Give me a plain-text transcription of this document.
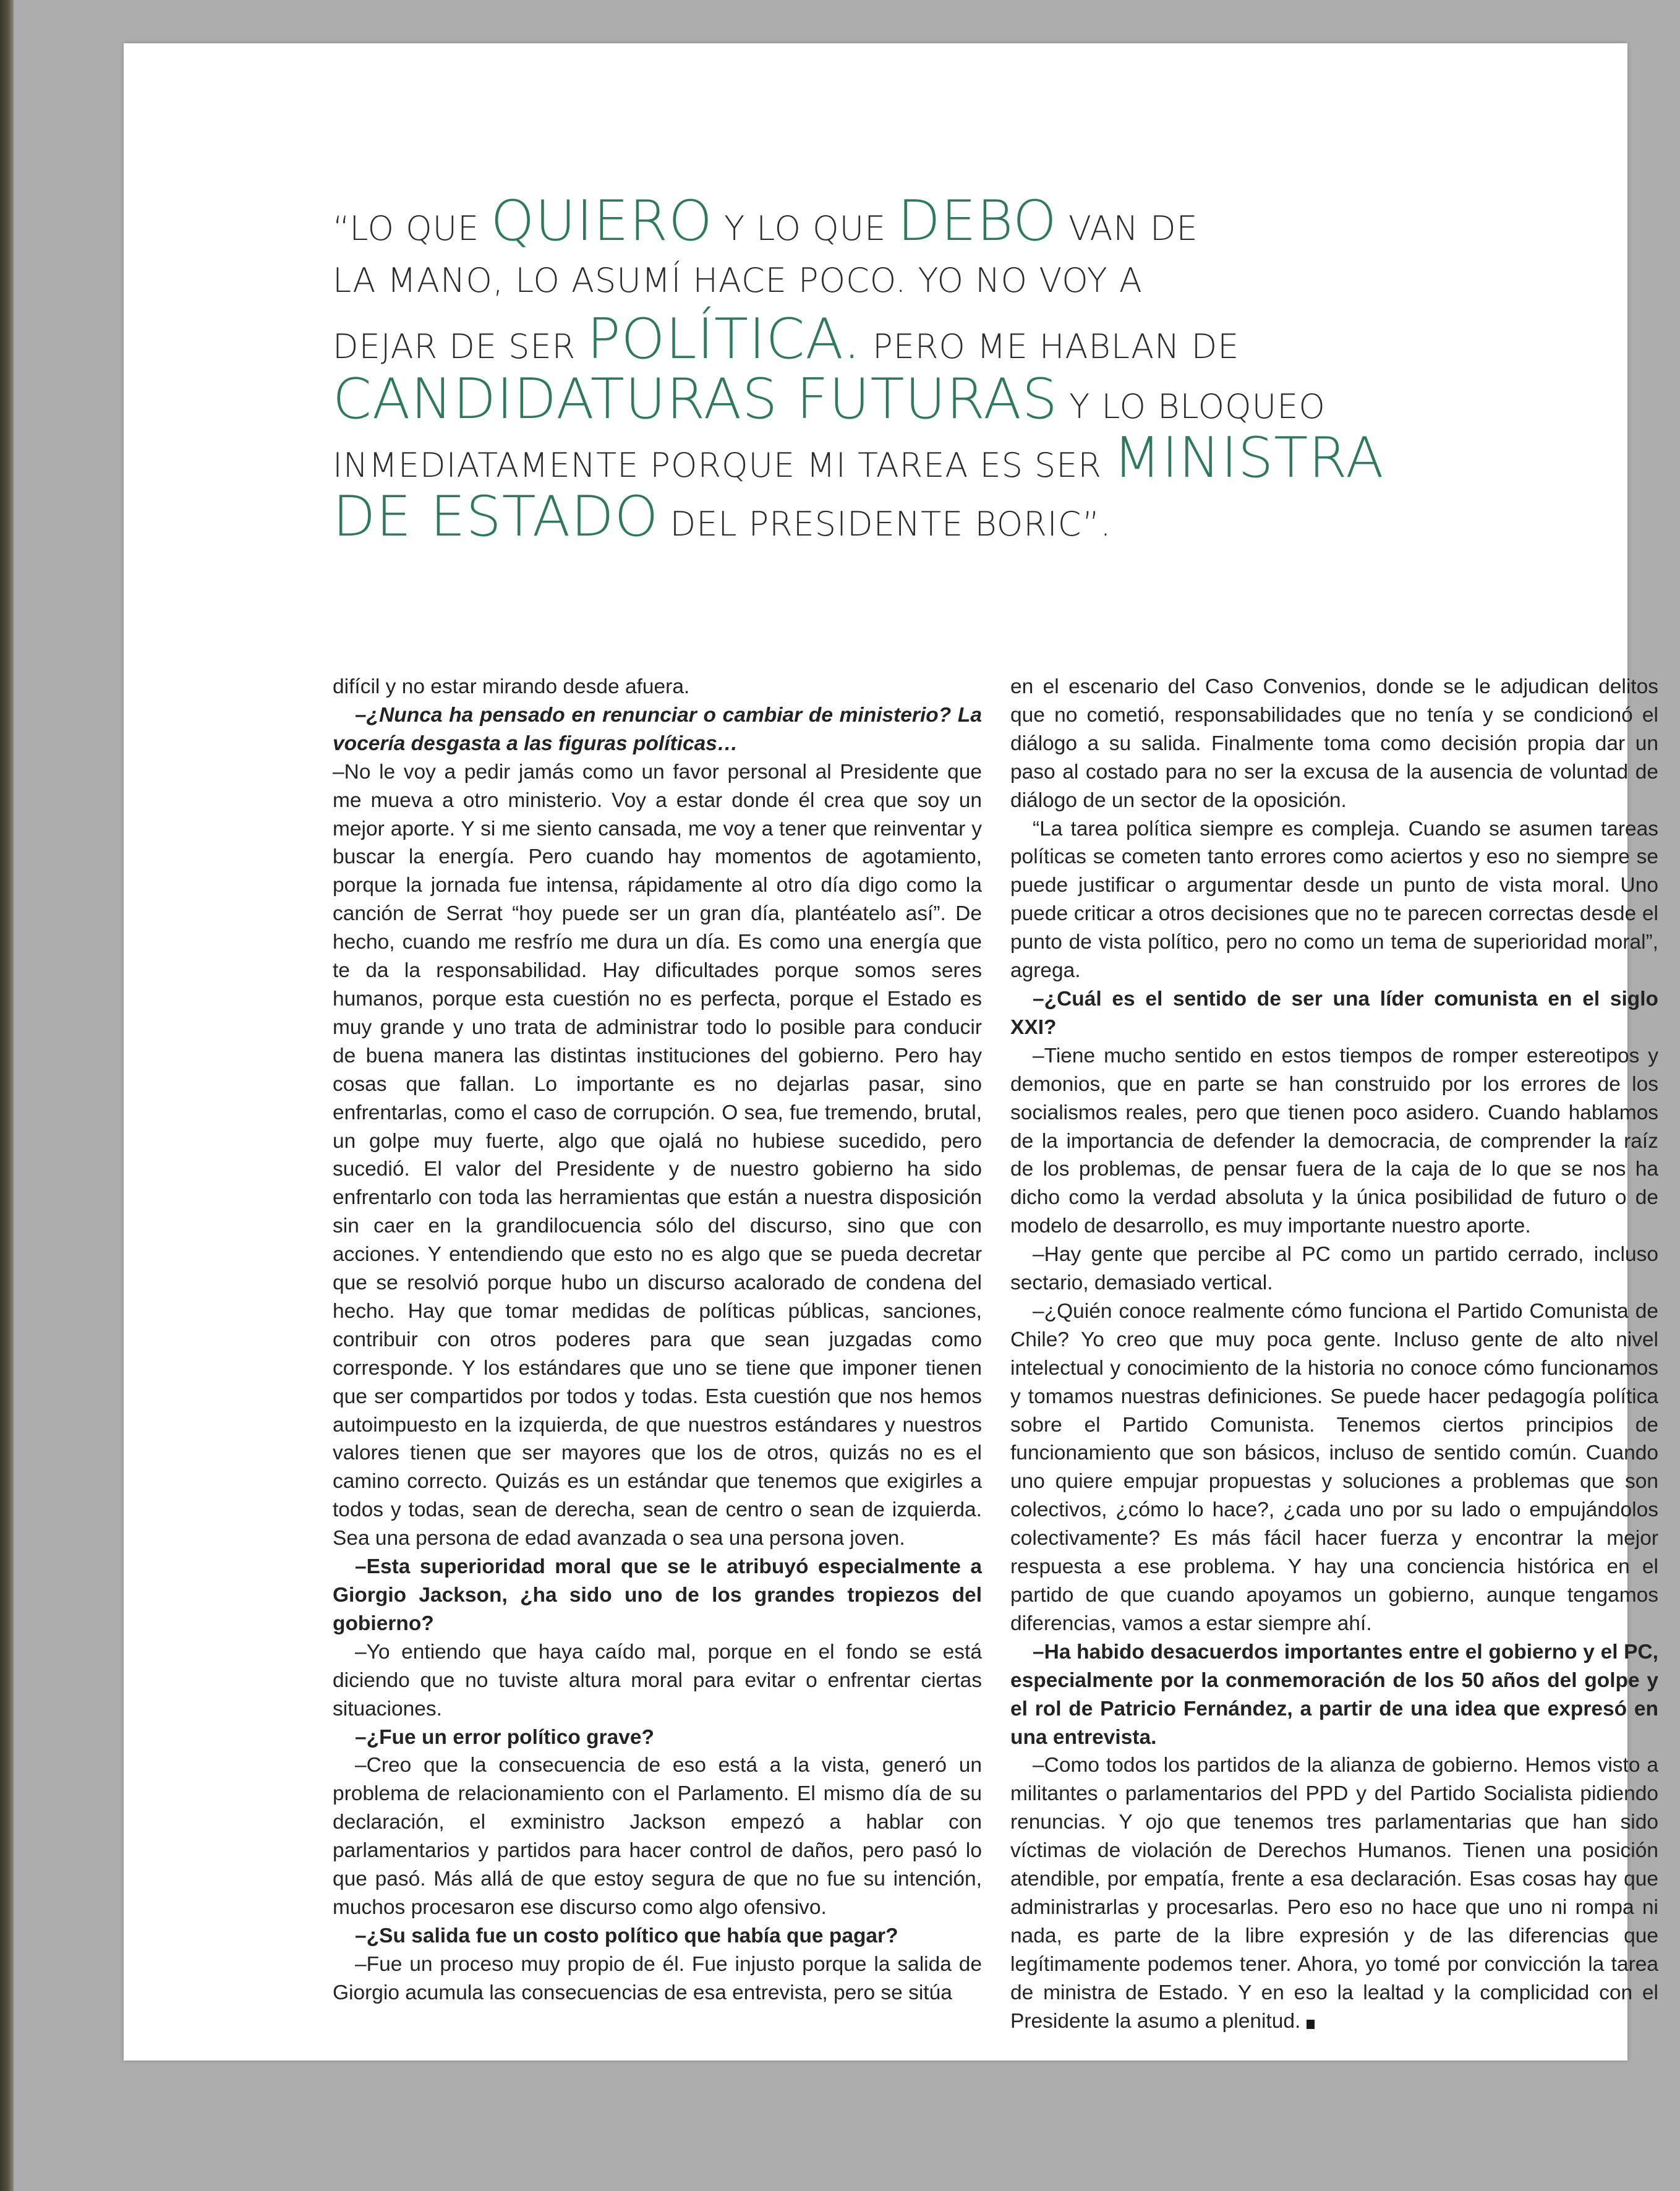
“LO QUE QUIERO Y LO QUE DEBO VAN DE
LA MANO, LO ASUMÍ HACE POCO. YO NO VOY A
DEJAR DE SER POLÍTICA. PERO ME HABLAN DE
CANDIDATURAS FUTURAS Y LO BLOQUEO
INMEDIATAMENTE PORQUE MI TAREA ES SER MINISTRA
DE ESTADO DEL PRESIDENTE BORIC”.

difícil y no estar mirando desde afuera.

–¿Nunca ha pensado en renunciar o cambiar de ministerio? La vocería desgasta a las figuras políticas…

–No le voy a pedir jamás como un favor personal al Presidente que me mueva a otro ministerio. Voy a estar donde él crea que soy un mejor aporte. Y si me siento cansada, me voy a tener que reinventar y buscar la energía. Pero cuando hay momentos de agotamiento, porque la jornada fue intensa, rápidamente al otro día digo como la canción de Serrat “hoy puede ser un gran día, plantéatelo así”. De hecho, cuando me resfrío me dura un día. Es como una energía que te da la responsabilidad. Hay dificultades porque somos seres humanos, porque esta cuestión no es perfecta, porque el Estado es muy grande y uno trata de administrar todo lo posible para conducir de buena manera las distintas instituciones del gobierno. Pero hay cosas que fallan. Lo importante es no dejarlas pasar, sino enfrentarlas, como el caso de corrupción. O sea, fue tremendo, brutal, un golpe muy fuerte, algo que ojalá no hubiese sucedido, pero sucedió. El valor del Presidente y de nuestro gobierno ha sido enfrentarlo con toda las herramientas que están a nuestra disposición sin caer en la grandilocuencia sólo del discurso, sino que con acciones. Y entendiendo que esto no es algo que se pueda decretar que se resolvió porque hubo un discurso acalorado de condena del hecho. Hay que tomar medidas de políticas públicas, sanciones, contribuir con otros poderes para que sean juzgadas como corresponde. Y los estándares que uno se tiene que imponer tienen que ser compartidos por todos y todas. Esta cuestión que nos hemos autoimpuesto en la izquierda, de que nuestros estándares y nuestros valores tienen que ser mayores que los de otros, quizás no es el camino correcto. Quizás es un estándar que tenemos que exigirles a todos y todas, sean de derecha, sean de centro o sean de izquierda. Sea una persona de edad avanzada o sea una persona joven.

–Esta superioridad moral que se le atribuyó especialmente a Giorgio Jackson, ¿ha sido uno de los grandes tropiezos del gobierno?

–Yo entiendo que haya caído mal, porque en el fondo se está diciendo que no tuviste altura moral para evitar o enfrentar ciertas situaciones.

–¿Fue un error político grave?

–Creo que la consecuencia de eso está a la vista, generó un problema de relacionamiento con el Parlamento. El mismo día de su declaración, el exministro Jackson empezó a hablar con parlamentarios y partidos para hacer control de daños, pero pasó lo que pasó. Más allá de que estoy segura de que no fue su intención, muchos procesaron ese discurso como algo ofensivo.

–¿Su salida fue un costo político que había que pagar?

–Fue un proceso muy propio de él. Fue injusto porque la salida de Giorgio acumula las consecuencias de esa entrevista, pero se sitúa

en el escenario del Caso Convenios, donde se le adjudican delitos que no cometió, responsabilidades que no tenía y se condicionó el diálogo a su salida. Finalmente toma como decisión propia dar un paso al costado para no ser la excusa de la ausencia de voluntad de diálogo de un sector de la oposición.

“La tarea política siempre es compleja. Cuando se asumen tareas políticas se cometen tanto errores como aciertos y eso no siempre se puede justificar o argumentar desde un punto de vista moral. Uno puede criticar a otros decisiones que no te parecen correctas desde el punto de vista político, pero no como un tema de superioridad moral”, agrega.

–¿Cuál es el sentido de ser una líder comunista en el siglo XXI?

–Tiene mucho sentido en estos tiempos de romper estereotipos y demonios, que en parte se han construido por los errores de los socialismos reales, pero que tienen poco asidero. Cuando hablamos de la importancia de defender la democracia, de comprender la raíz de los problemas, de pensar fuera de la caja de lo que se nos ha dicho como la verdad absoluta y la única posibilidad de futuro o de modelo de desarrollo, es muy importante nuestro aporte.

–Hay gente que percibe al PC como un partido cerrado, incluso sectario, demasiado vertical.

–¿Quién conoce realmente cómo funciona el Partido Comunista de Chile? Yo creo que muy poca gente. Incluso gente de alto nivel intelectual y conocimiento de la historia no conoce cómo funcionamos y tomamos nuestras definiciones. Se puede hacer pedagogía política sobre el Partido Comunista. Tenemos ciertos principios de funcionamiento que son básicos, incluso de sentido común. Cuando uno quiere empujar propuestas y soluciones a problemas que son colectivos, ¿cómo lo hace?, ¿cada uno por su lado o empujándolos colectivamente? Es más fácil hacer fuerza y encontrar la mejor respuesta a ese problema. Y hay una conciencia histórica en el partido de que cuando apoyamos un gobierno, aunque tengamos diferencias, vamos a estar siempre ahí.

–Ha habido desacuerdos importantes entre el gobierno y el PC, especialmente por la conmemoración de los 50 años del golpe y el rol de Patricio Fernández, a partir de una idea que expresó en una entrevista.

–Como todos los partidos de la alianza de gobierno. Hemos visto a militantes o parlamentarios del PPD y del Partido Socialista pidiendo renuncias. Y ojo que tenemos tres parlamentarias que han sido víctimas de violación de Derechos Humanos. Tienen una posición atendible, por empatía, frente a esa declaración. Esas cosas hay que administrarlas y procesarlas. Pero eso no hace que uno ni rompa ni nada, es parte de la libre expresión y de las diferencias que legítimamente podemos tener. Ahora, yo tomé por convicción la tarea de ministra de Estado. Y en eso la lealtad y la complicidad con el Presidente la asumo a plenitud.
